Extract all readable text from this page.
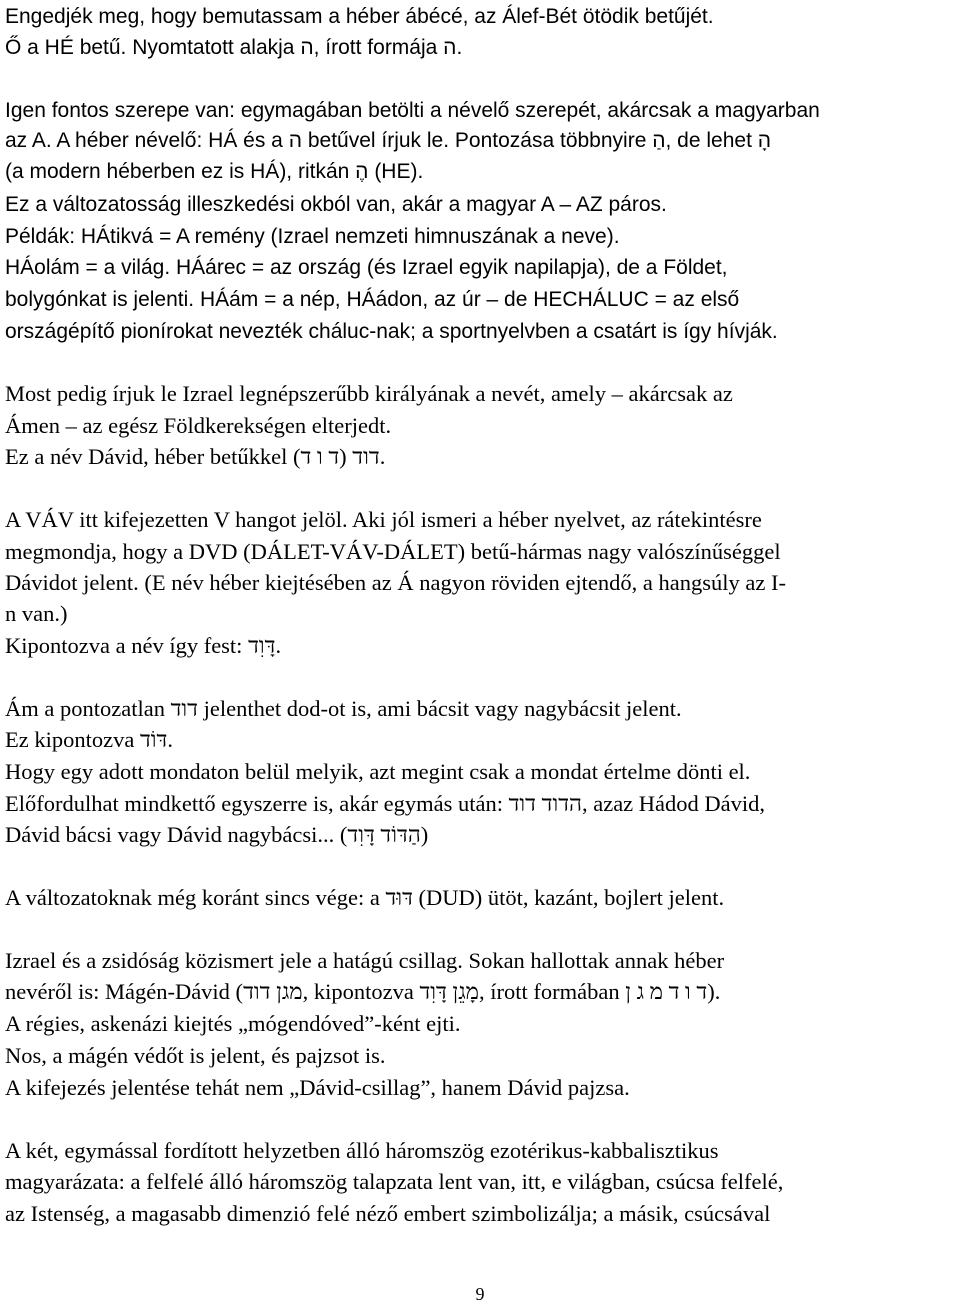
Engedjék meg, hogy bemutassam a héber ábécé, az Álef-Bét ötödik betűjét.
Ő a HÉ betű. Nyomtatott alakja ה, írott formája ה.
Igen fontos szerepe van: egymagában betölti a névelő szerepét, akárcsak a magyarban
az A. A héber névelő: HÁ és a ה betűvel írjuk le. Pontozása többnyire הַ, de lehet הָ
(a modern héberben ez is HÁ), ritkán הֶ (HE).
Ez a változatosság illeszkedési okból van, akár a magyar A – AZ páros.
Példák: HÁtikvá = A remény (Izrael nemzeti himnuszának a neve).
HÁolám = a világ. HÁárec = az ország (és Izrael egyik napilapja), de a Földet,
bolygónkat is jelenti. HÁám = a nép, HÁádon, az úr – de HECHÁLUC = az első
országépítő pionírokat nevezték cháluc-nak; a sportnyelvben a csatárt is így hívják.
Most pedig írjuk le Izrael legnépszerűbb királyának a nevét, amely – akárcsak az
Ámen – az egész Földkerekségen elterjedt.
Ez a név Dávid, héber betűkkel דוד (ד ו ד).
A VÁV itt kifejezetten V hangot jelöl. Aki jól ismeri a héber nyelvet, az rátekintésre
megmondja, hogy a DVD (DÁLET-VÁV-DÁLET) betű-hármas nagy valószínűséggel
Dávidot jelent. (E név héber kiejtésében az Á nagyon röviden ejtendő, a hangsúly az I-
n van.)
Kipontozva a név így fest: דָּוִד.
Ám a pontozatlan דוד jelenthet dod-ot is, ami bácsit vagy nagybácsit jelent.
Ez kipontozva דּוֹד.
Hogy egy adott mondaton belül melyik, azt megint csak a mondat értelme dönti el.
Előfordulhat mindkettő egyszerre is, akár egymás után: הדוד דוד, azaz Hádod Dávid,
Dávid bácsi vagy Dávid nagybácsi... (הַדּוֹד דָּוִד)
A változatoknak még koránt sincs vége: a דּוּד (DUD) ütöt, kazánt, bojlert jelent.
Izrael és a zsidóság közismert jele a hatágú csillag. Sokan hallottak annak héber
nevéről is: Mágén-Dávid (מגן דוד, kipontozva מָגֵן דָּוִד, írott formában ד ו ד מ ג ן).
A régies, askenázi kiejtés „mógendóved”-ként ejti.
Nos, a mágén védőt is jelent, és pajzsot is.
A kifejezés jelentése tehát nem „Dávid-csillag”, hanem Dávid pajzsa.
A két, egymással fordított helyzetben álló háromszög ezotérikus-kabbalisztikus
magyarázata: a felfelé álló háromszög talapzata lent van, itt, e világban, csúcsa felfelé,
az Istenség, a magasabb dimenzió felé néző embert szimbolizálja; a másik, csúcsával
9
